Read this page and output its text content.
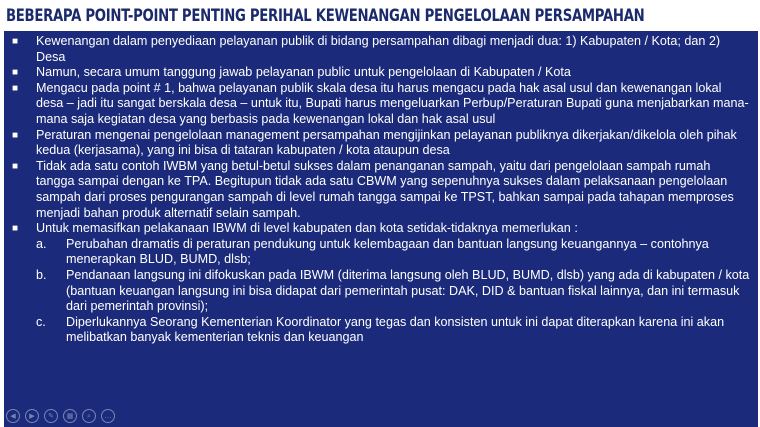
BEBERAPA POINT-POINT PENTING PERIHAL KEWENANGAN PENGELOLAAN PERSAMPAHAN
■	Kewenangan dalam penyediaan pelayanan publik di bidang persampahan dibagi menjadi dua: 1) Kabupaten / Kota; dan 2) Desa
■	Namun, secara umum tanggung jawab pelayanan public untuk pengelolaan di Kabupaten / Kota
■	Mengacu pada point # 1, bahwa pelayanan publik skala desa itu harus mengacu pada hak asal usul dan kewenangan lokal desa – jadi itu sangat berskala desa – untuk itu, Bupati harus mengeluarkan Perbup/Peraturan Bupati guna menjabarkan mana-mana saja kegiatan desa yang berbasis pada kewenangan lokal dan hak asal usul
■	Peraturan mengenai pengelolaan management persampahan mengijinkan pelayanan publiknya dikerjakan/dikelola oleh pihak kedua (kerjasama), yang ini bisa di tataran kabupaten / kota ataupun desa
■	Tidak ada satu contoh IWBM yang betul-betul sukses dalam penanganan sampah, yaitu dari pengelolaan sampah rumah tangga sampai dengan ke TPA. Begitupun tidak ada satu CBWM yang sepenuhnya sukses dalam pelaksanaan pengelolaan sampah dari proses pengurangan sampah di level rumah tangga sampai ke TPST, bahkan sampai pada tahapan memproses menjadi bahan produk alternatif selain sampah.
■	Untuk memasifkan pelakanaan IBWM di level kabupaten dan kota setidak-tidaknya memerlukan :
a.	Perubahan dramatis di peraturan pendukung untuk kelembagaan dan bantuan langsung keuangannya – contohnya menerapkan BLUD, BUMD, dlsb;
b.	Pendanaan langsung ini difokuskan pada IBWM (diterima langsung oleh BLUD, BUMD, dlsb) yang ada di kabupaten / kota (bantuan keuangan langsung ini bisa didapat dari pemerintah pusat: DAK, DID & bantuan fiskal lainnya, dan ini termasuk dari pemerintah provinsi);
c.	Diperlukannya Seorang Kementerian Koordinator yang tegas dan konsisten untuk ini dapat diterapkan karena ini akan melibatkan banyak kementerian teknis dan keuangan
◀	▶	✎	▦	⌕	…
